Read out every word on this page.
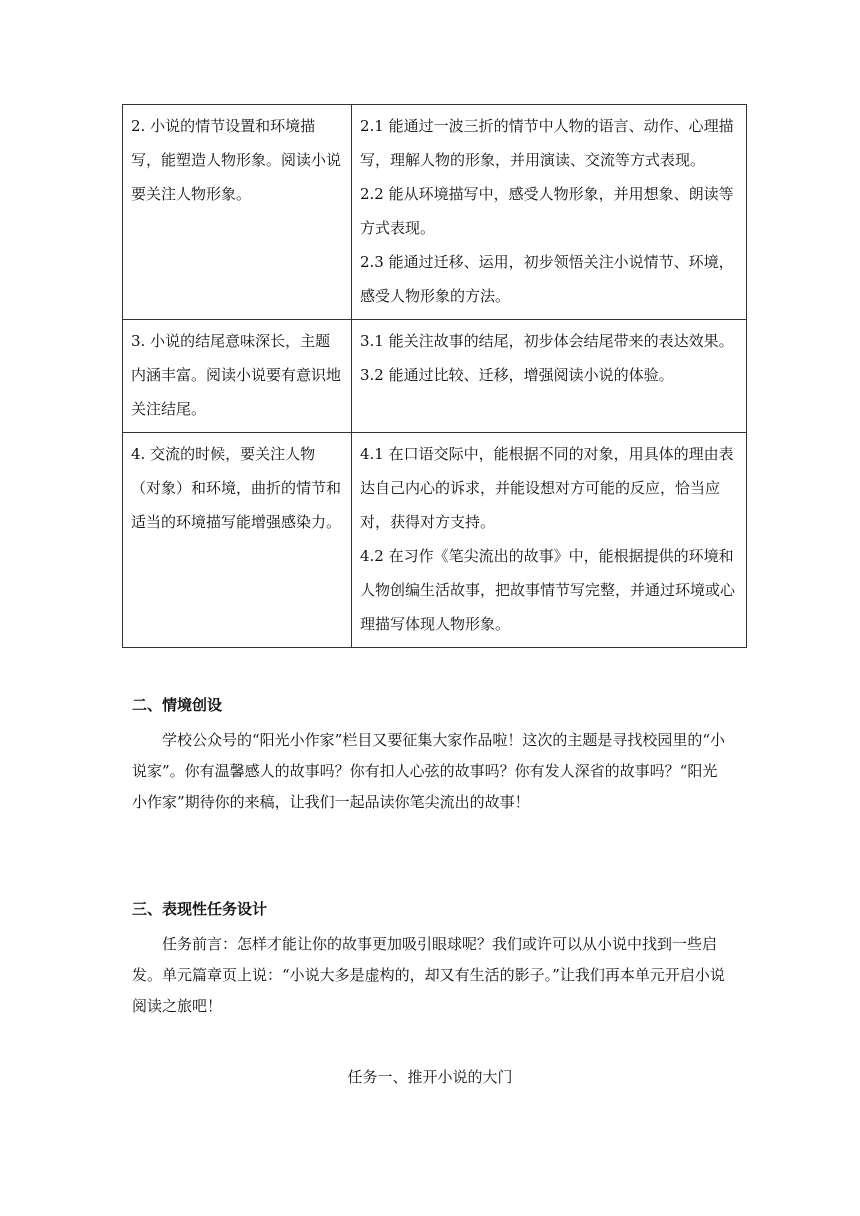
2. 小说的情节设置和环境描写，能塑造人物形象。阅读小说要关注人物形象。	2.1 能通过一波三折的情节中人物的语言、动作、心理描写，理解人物的形象，并用演读、交流等方式表现。

2.2 能从环境描写中，感受人物形象，并用想象、朗读等方式表现。

2.3 能通过迁移、运用，初步领悟关注小说情节、环境，感受人物形象的方法。

3. 小说的结尾意味深长，主题内涵丰富。阅读小说要有意识地关注结尾。	3.1 能关注故事的结尾，初步体会结尾带来的表达效果。

3.2 能通过比较、迁移，增强阅读小说的体验。

4. 交流的时候，要关注人物（对象）和环境，曲折的情节和适当的环境描写能增强感染力。	4.1 在口语交际中，能根据不同的对象，用具体的理由表达自己内心的诉求，并能设想对方可能的反应，恰当应对，获得对方支持。

4.2 在习作《笔尖流出的故事》中，能根据提供的环境和人物创编生活故事，把故事情节写完整，并通过环境或心理描写体现人物形象。

二、情境创设

学校公众号的“阳光小作家”栏目又要征集大家作品啦！这次的主题是寻找校园里的“小说家”。你有温馨感人的故事吗？你有扣人心弦的故事吗？你有发人深省的故事吗？“阳光小作家”期待你的来稿，让我们一起品读你笔尖流出的故事！

三、表现性任务设计

任务前言：怎样才能让你的故事更加吸引眼球呢？我们或许可以从小说中找到一些启发。单元篇章页上说：“小说大多是虚构的，却又有生活的影子。”让我们再本单元开启小说阅读之旅吧！

任务一、推开小说的大门
